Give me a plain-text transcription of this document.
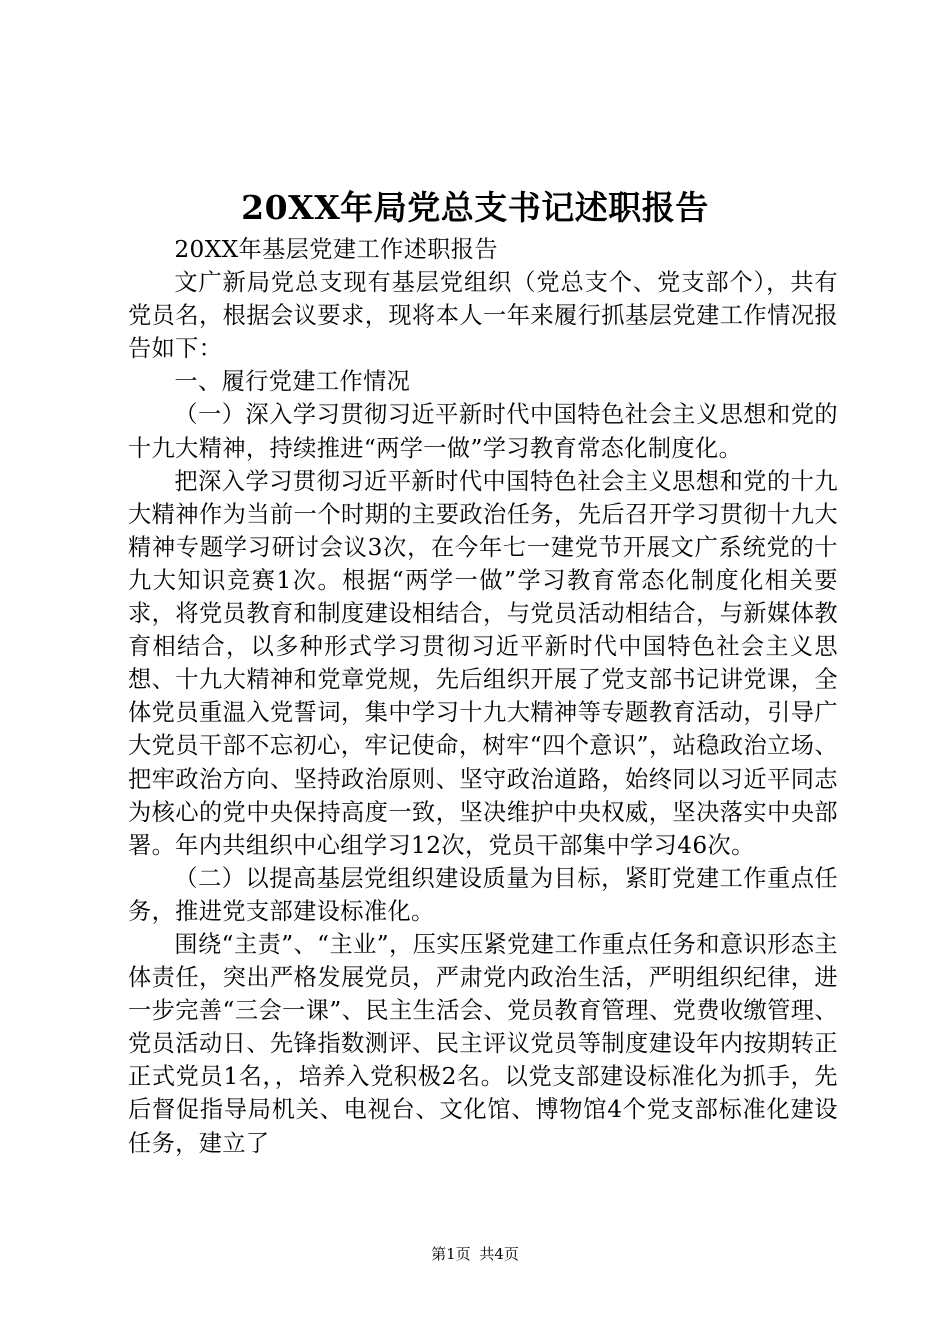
20XX年局党总支书记述职报告

20XX年基层党建工作述职报告

文广新局党总支现有基层党组织（党总支个、党支部个），共有党员名，根据会议要求，现将本人一年来履行抓基层党建工作情况报告如下：

一、履行党建工作情况

（一）深入学习贯彻习近平新时代中国特色社会主义思想和党的十九大精神，持续推进“两学一做”学习教育常态化制度化。

把深入学习贯彻习近平新时代中国特色社会主义思想和党的十九大精神作为当前一个时期的主要政治任务，先后召开学习贯彻十九大精神专题学习研讨会议3次，在今年七一建党节开展文广系统党的十九大知识竞赛1次。根据“两学一做”学习教育常态化制度化相关要求，将党员教育和制度建设相结合，与党员活动相结合，与新媒体教育相结合，以多种形式学习贯彻习近平新时代中国特色社会主义思想、十九大精神和党章党规，先后组织开展了党支部书记讲党课，全体党员重温入党誓词，集中学习十九大精神等专题教育活动，引导广大党员干部不忘初心，牢记使命，树牢“四个意识”，站稳政治立场、把牢政治方向、坚持政治原则、坚守政治道路，始终同以习近平同志为核心的党中央保持高度一致，坚决维护中央权威，坚决落实中央部署。年内共组织中心组学习12次，党员干部集中学习46次。

（二）以提高基层党组织建设质量为目标，紧盯党建工作重点任务，推进党支部建设标准化。

围绕“主责”、“主业”，压实压紧党建工作重点任务和意识形态主体责任，突出严格发展党员，严肃党内政治生活，严明组织纪律，进一步完善“三会一课”、民主生活会、党员教育管理、党费收缴管理、党员活动日、先锋指数测评、民主评议党员等制度建设年内按期转正正式党员1名，，培养入党积极2名。以党支部建设标准化为抓手，先后督促指导局机关、电视台、文化馆、博物馆4个党支部标准化建设任务，建立了

第1页 共4页
